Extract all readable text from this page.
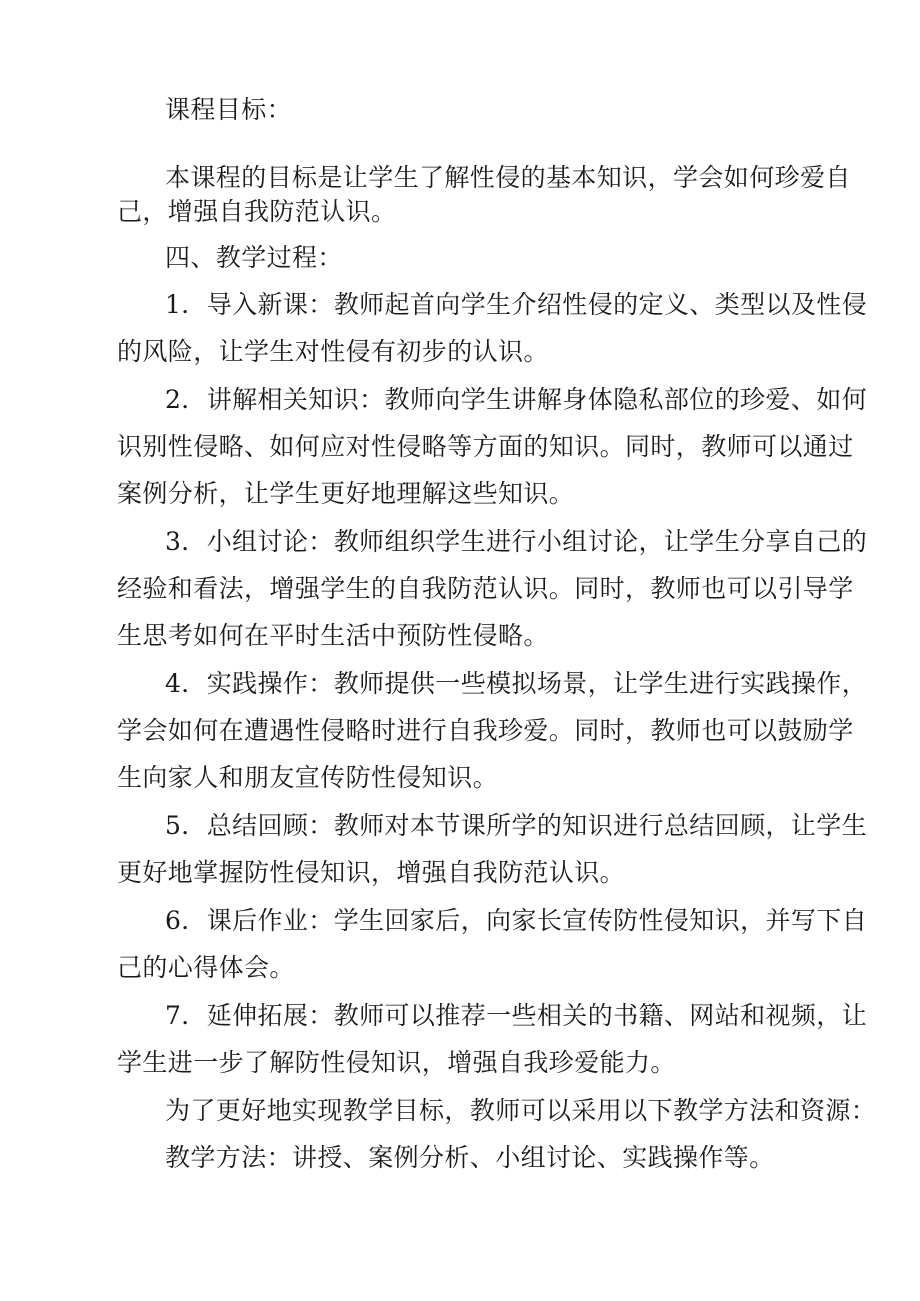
课程目标：
本课程的目标是让学生了解性侵的基本知识，学会如何珍爱自
己，增强自我防范认识。
四、教学过程：
1．导入新课：教师起首向学生介绍性侵的定义、类型以及性侵
的风险，让学生对性侵有初步的认识。
2．讲解相关知识：教师向学生讲解身体隐私部位的珍爱、如何
识别性侵略、如何应对性侵略等方面的知识。同时，教师可以通过
案例分析，让学生更好地理解这些知识。
3．小组讨论：教师组织学生进行小组讨论，让学生分享自己的
经验和看法，增强学生的自我防范认识。同时，教师也可以引导学
生思考如何在平时生活中预防性侵略。
4．实践操作：教师提供一些模拟场景，让学生进行实践操作，
学会如何在遭遇性侵略时进行自我珍爱。同时，教师也可以鼓励学
生向家人和朋友宣传防性侵知识。
5．总结回顾：教师对本节课所学的知识进行总结回顾，让学生
更好地掌握防性侵知识，增强自我防范认识。
6．课后作业：学生回家后，向家长宣传防性侵知识，并写下自
己的心得体会。
7．延伸拓展：教师可以推荐一些相关的书籍、网站和视频，让
学生进一步了解防性侵知识，增强自我珍爱能力。
为了更好地实现教学目标，教师可以采用以下教学方法和资源：
教学方法：讲授、案例分析、小组讨论、实践操作等。
